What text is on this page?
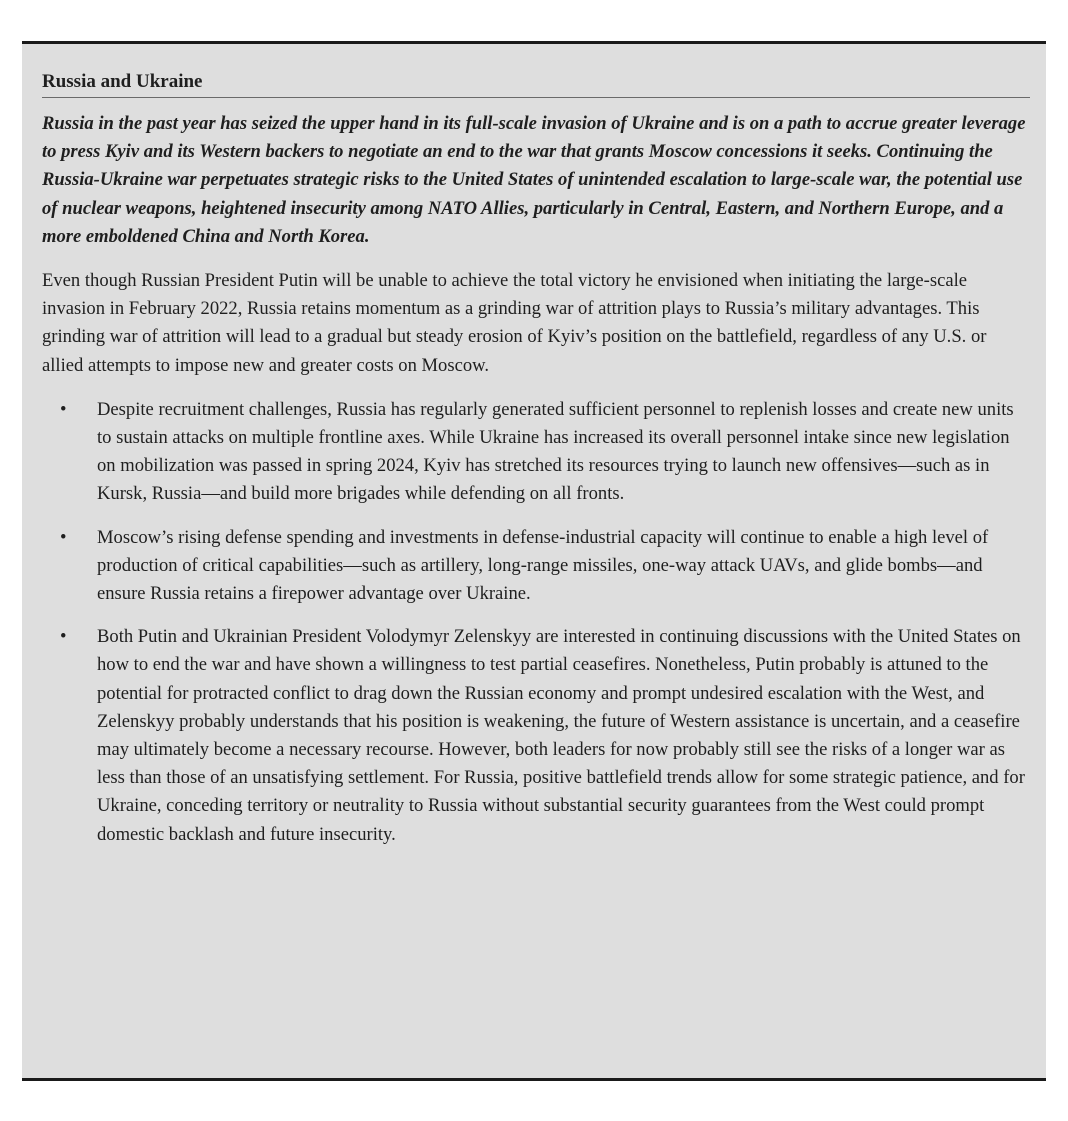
Russia and Ukraine

Russia in the past year has seized the upper hand in its full-scale invasion of Ukraine and is on a path to accrue greater leverage to press Kyiv and its Western backers to negotiate an end to the war that grants Moscow concessions it seeks. Continuing the Russia-Ukraine war perpetuates strategic risks to the United States of unintended escalation to large-scale war, the potential use of nuclear weapons, heightened insecurity among NATO Allies, particularly in Central, Eastern, and Northern Europe, and a more emboldened China and North Korea.

Even though Russian President Putin will be unable to achieve the total victory he envisioned when initiating the large-scale invasion in February 2022, Russia retains momentum as a grinding war of attrition plays to Russia’s military advantages. This grinding war of attrition will lead to a gradual but steady erosion of Kyiv’s position on the battlefield, regardless of any U.S. or allied attempts to impose new and greater costs on Moscow.

• Despite recruitment challenges, Russia has regularly generated sufficient personnel to replenish losses and create new units to sustain attacks on multiple frontline axes. While Ukraine has increased its overall personnel intake since new legislation on mobilization was passed in spring 2024, Kyiv has stretched its resources trying to launch new offensives—such as in Kursk, Russia—and build more brigades while defending on all fronts.
• Moscow’s rising defense spending and investments in defense-industrial capacity will continue to enable a high level of production of critical capabilities—such as artillery, long-range missiles, one-way attack UAVs, and glide bombs—and ensure Russia retains a firepower advantage over Ukraine.
• Both Putin and Ukrainian President Volodymyr Zelenskyy are interested in continuing discussions with the United States on how to end the war and have shown a willingness to test partial ceasefires. Nonetheless, Putin probably is attuned to the potential for protracted conflict to drag down the Russian economy and prompt undesired escalation with the West, and Zelenskyy probably understands that his position is weakening, the future of Western assistance is uncertain, and a ceasefire may ultimately become a necessary recourse. However, both leaders for now probably still see the risks of a longer war as less than those of an unsatisfying settlement. For Russia, positive battlefield trends allow for some strategic patience, and for Ukraine, conceding territory or neutrality to Russia without substantial security guarantees from the West could prompt domestic backlash and future insecurity.
